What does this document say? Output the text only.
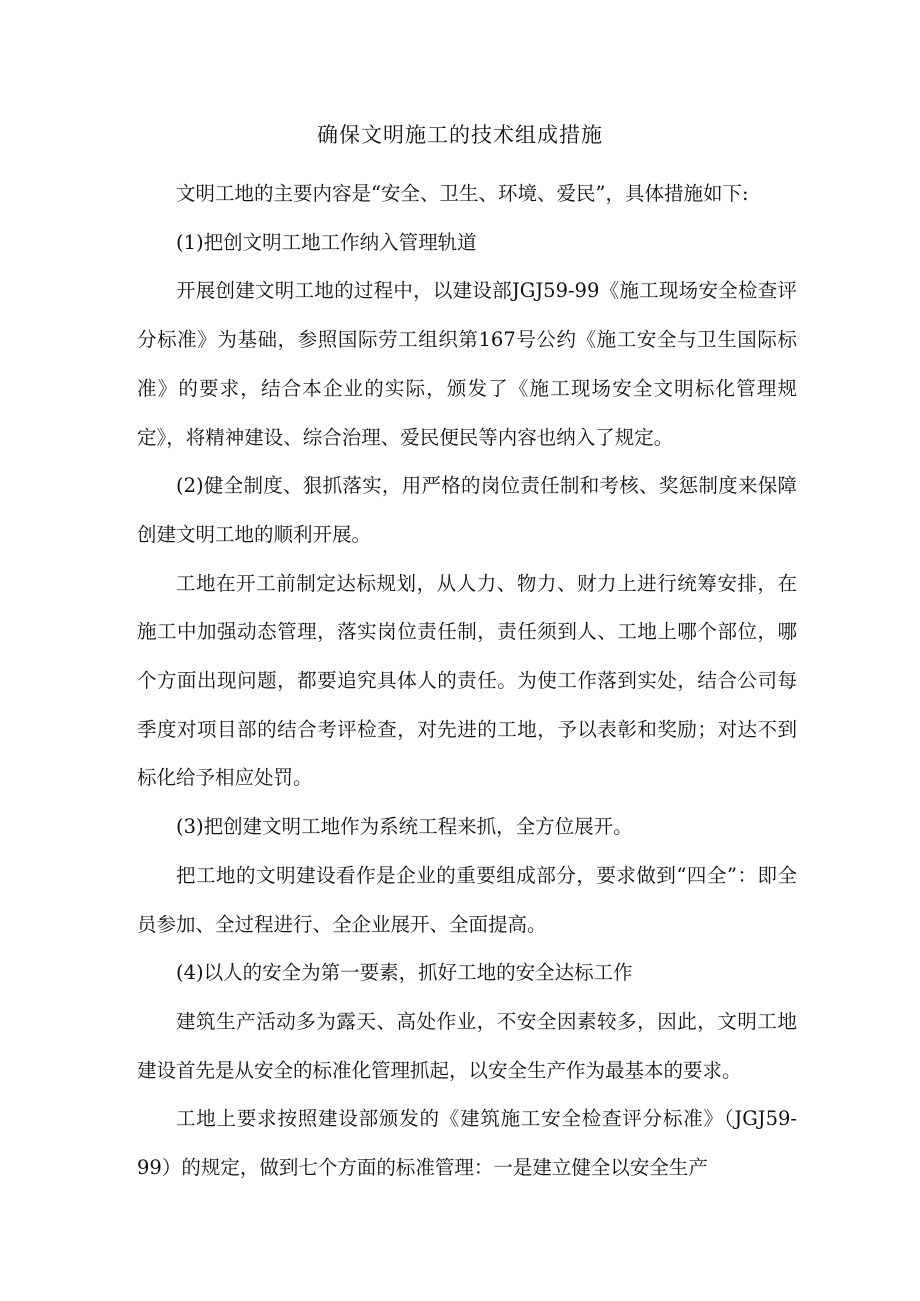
确保文明施工的技术组成措施

文明工地的主要内容是“安全、卫生、环境、爱民”，具体措施如下:

(1)把创文明工地工作纳入管理轨道

开展创建文明工地的过程中，以建设部JGJ59-99《施工现场安全检查评分标准》为基础，参照国际劳工组织第167号公约《施工安全与卫生国际标准》的要求，结合本企业的实际，颁发了《施工现场安全文明标化管理规定》，将精神建设、综合治理、爱民便民等内容也纳入了规定。

(2)健全制度、狠抓落实，用严格的岗位责任制和考核、奖惩制度来保障创建文明工地的顺利开展。

工地在开工前制定达标规划，从人力、物力、财力上进行统筹安排，在施工中加强动态管理，落实岗位责任制，责任须到人、工地上哪个部位，哪个方面出现问题，都要追究具体人的责任。为使工作落到实处，结合公司每季度对项目部的结合考评检查，对先进的工地，予以表彰和奖励；对达不到标化给予相应处罚。

(3)把创建文明工地作为系统工程来抓，全方位展开。

把工地的文明建设看作是企业的重要组成部分，要求做到“四全”：即全员参加、全过程进行、全企业展开、全面提高。

(4)以人的安全为第一要素，抓好工地的安全达标工作

建筑生产活动多为露天、高处作业，不安全因素较多，因此，文明工地建设首先是从安全的标准化管理抓起，以安全生产作为最基本的要求。

工地上要求按照建设部颁发的《建筑施工安全检查评分标准》（JGJ59-99）的规定，做到七个方面的标准管理：一是建立健全以安全生产
